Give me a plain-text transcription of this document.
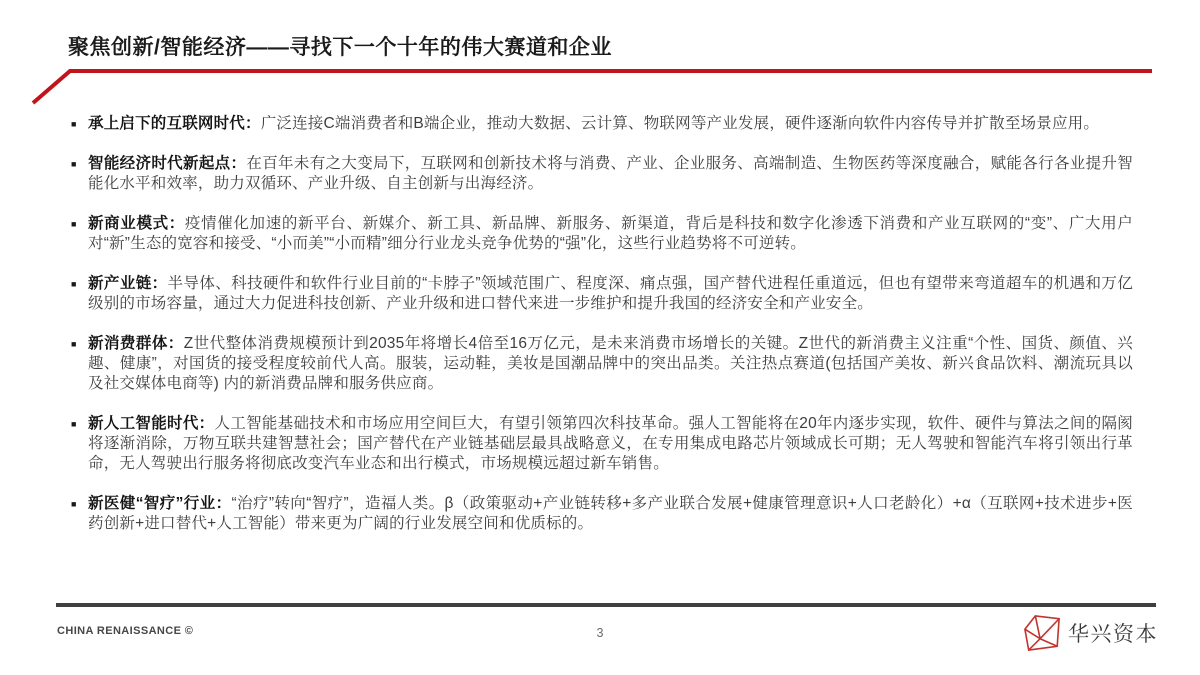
聚焦创新/智能经济——寻找下一个十年的伟大赛道和企业
■ 承上启下的互联网时代：广泛连接C端消费者和B端企业，推动大数据、云计算、物联网等产业发展，硬件逐渐向软件内容传导并扩散至场景应用。
■ 智能经济时代新起点：在百年未有之大变局下，互联网和创新技术将与消费、产业、企业服务、高端制造、生物医药等深度融合，赋能各行各业提升智能化水平和效率，助力双循环、产业升级、自主创新与出海经济。
■ 新商业模式：疫情催化加速的新平台、新媒介、新工具、新品牌、新服务、新渠道，背后是科技和数字化渗透下消费和产业互联网的“变”、广大用户对“新”生态的宽容和接受、“小而美”“小而精”细分行业龙头竞争优势的“强”化，这些行业趋势将不可逆转。
■ 新产业链：半导体、科技硬件和软件行业目前的“卡脖子”领域范围广、程度深、痛点强，国产替代进程任重道远，但也有望带来弯道超车的机遇和万亿级别的市场容量，通过大力促进科技创新、产业升级和进口替代来进一步维护和提升我国的经济安全和产业安全。
■ 新消费群体：Z世代整体消费规模预计到2035年将增长4倍至16万亿元，是未来消费市场增长的关键。Z世代的新消费主义注重“个性、国货、颜值、兴趣、健康”，对国货的接受程度较前代人高。服装，运动鞋，美妆是国潮品牌中的突出品类。关注热点赛道(包括国产美妆、新兴食品饮料、潮流玩具以及社交媒体电商等) 内的新消费品牌和服务供应商。
■ 新人工智能时代：人工智能基础技术和市场应用空间巨大，有望引领第四次科技革命。强人工智能将在20年内逐步实现，软件、硬件与算法之间的隔阂将逐渐消除，万物互联共建智慧社会；国产替代在产业链基础层最具战略意义，在专用集成电路芯片领域成长可期；无人驾驶和智能汽车将引领出行革命，无人驾驶出行服务将彻底改变汽车业态和出行模式，市场规模远超过新车销售。
■ 新医健“智疗”行业：“治疗”转向“智疗”，造福人类。β（政策驱动+产业链转移+多产业联合发展+健康管理意识+人口老龄化）+α（互联网+技术进步+医药创新+进口替代+人工智能）带来更为广阔的行业发展空间和优质标的。
CHINA RENAISSANCE ©	3	华兴资本
